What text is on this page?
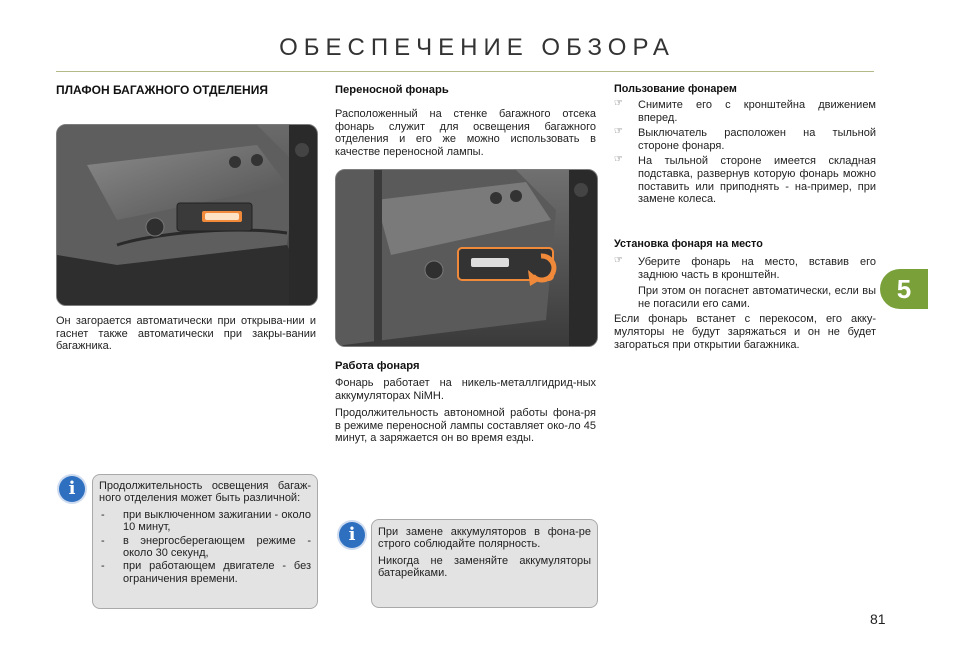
ОБЕСПЕЧЕНИЕ ОБЗОРА
5
ПЛАФОН БАГАЖНОГО ОТДЕЛЕНИЯ
Он загорается автоматически при открыва-нии и гаснет также автоматически при закры-вании багажника.
i	Продолжительность освещения багаж-ного отделения может быть различной:

- при выключенном зажигании - около 10 минут,
- в энергосберегающем режиме - около 30 секунд,
- при работающем двигателе - без ограничения времени.
Переносной фонарь
Расположенный на стенке багажного отсека фонарь служит для освещения багажного отделения и его же можно использовать в качестве переносной лампы.
Работа фонаря

Фонарь работает на никель-металлгидрид-ных аккумуляторах NiMH.

Продолжительность автономной работы фона-ря в режиме переносной лампы составляет око-ло 45 минут, а заряжается он во время езды.

i	При замене аккумуляторов в фона-ре строго соблюдайте полярность.

Никогда не заменяйте аккумуляторы батарейками.

Пользование фонарем
☞ Снимите его с кронштейна движением вперед.
☞ Выключатель расположен на тыльной стороне фонаря.
☞ На тыльной стороне имеется складная подставка, развернув которую фонарь можно поставить или приподнять - на-пример, при замене колеса.
Установка фонаря на место
☞ Уберите фонарь на место, вставив его заднюю часть в кронштейн.
При этом он погаснет автоматически, если вы не погасили его сами.

Если фонарь встанет с перекосом, его акку-муляторы не будут заряжаться и он не будет загораться при открытии багажника.

81
